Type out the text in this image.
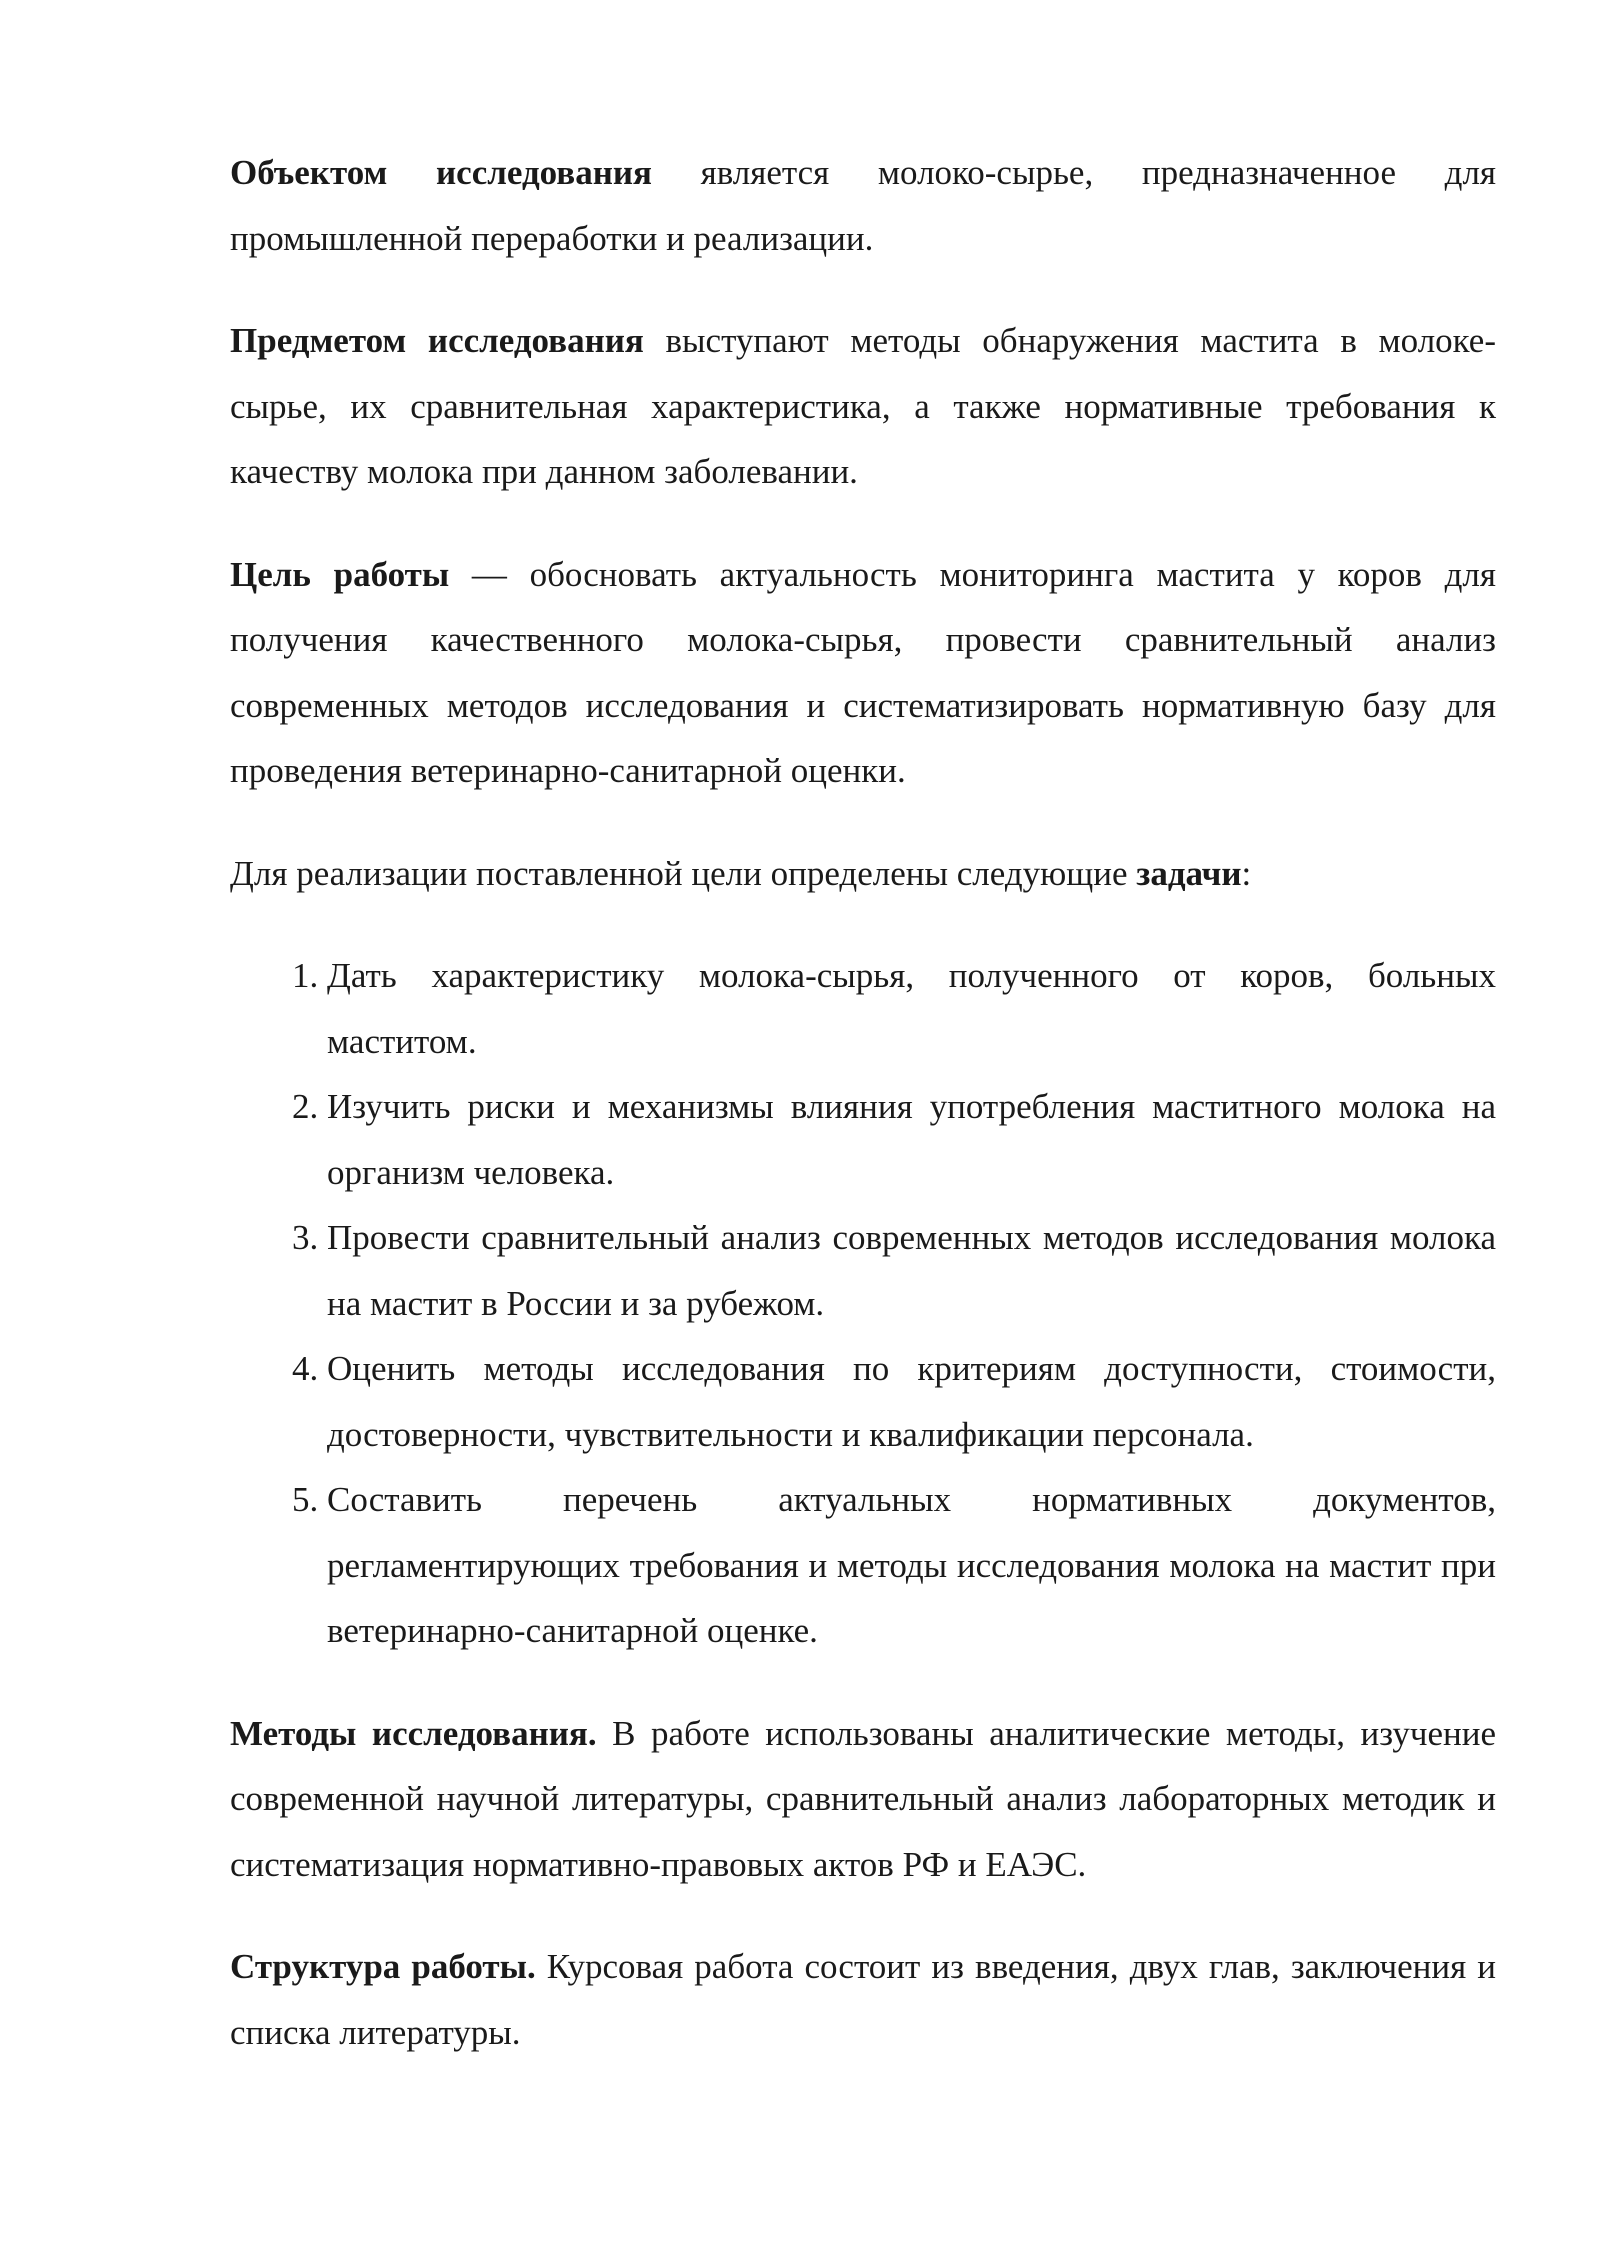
Объектом исследования является молоко-сырье, предназначенное для промышленной переработки и реализации.

Предметом исследования выступают методы обнаружения мастита в молоке-сырье, их сравнительная характеристика, а также нормативные требования к качеству молока при данном заболевании.

Цель работы — обосновать актуальность мониторинга мастита у коров для получения качественного молока-сырья, провести сравнительный анализ современных методов исследования и систематизировать нормативную базу для проведения ветеринарно-санитарной оценки.

Для реализации поставленной цели определены следующие задачи:

1. Дать характеристику молока-сырья, полученного от коров, больных маститом.
2. Изучить риски и механизмы влияния употребления маститного молока на организм человека.
3. Провести сравнительный анализ современных методов исследования молока на мастит в России и за рубежом.
4. Оценить методы исследования по критериям доступности, стоимости, достоверности, чувствительности и квалификации персонала.
5. Составить перечень актуальных нормативных документов, регламентирующих требования и методы исследования молока на мастит при ветеринарно-санитарной оценке.

Методы исследования. В работе использованы аналитические методы, изучение современной научной литературы, сравнительный анализ лабораторных методик и систематизация нормативно-правовых актов РФ и ЕАЭС.

Структура работы. Курсовая работа состоит из введения, двух глав, заключения и списка литературы.
